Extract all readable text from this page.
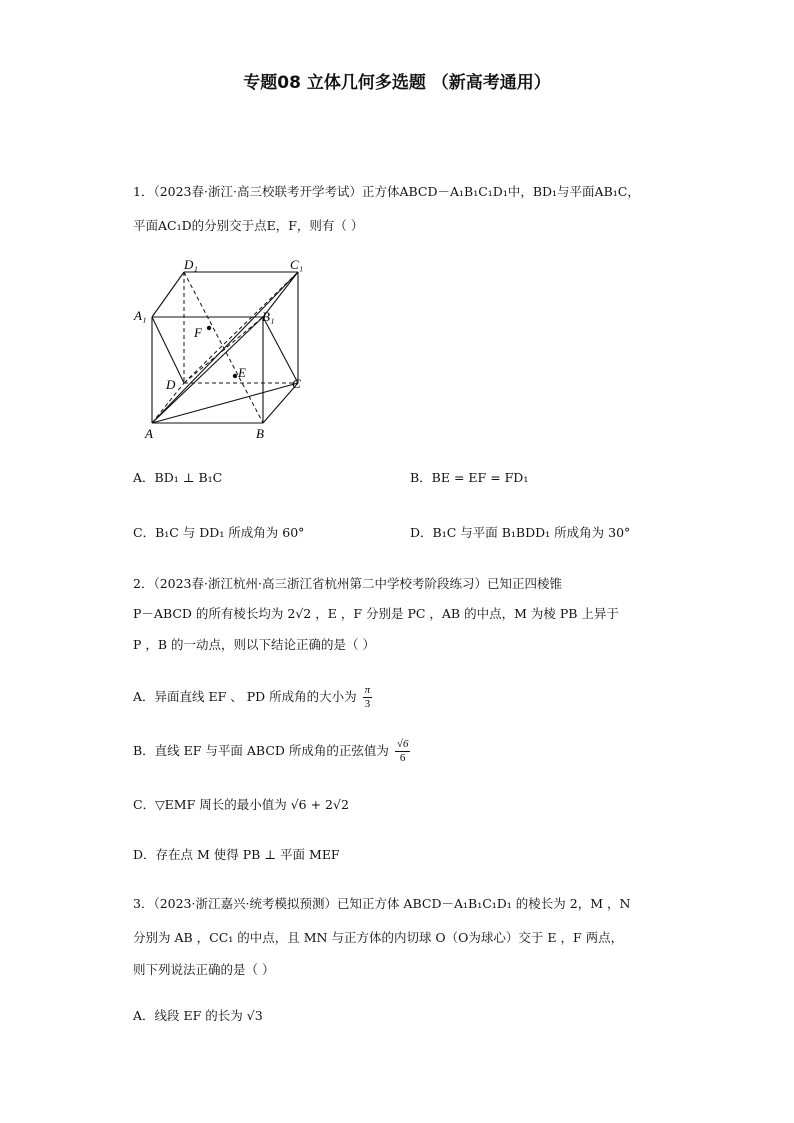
专题08 立体几何多选题 （新高考通用）
1．（2023春·浙江·高三校联考开学考试）正方体ABCD－A₁B₁C₁D₁中，BD₁与平面AB₁C，
平面AC₁D的分别交于点E，F，则有（ ）
D₁	C₁
A₁	B₁
F
E
D	C
A	B
A．BD₁ ⊥ B₁C	B．BE = EF = FD₁
C．B₁C 与 DD₁ 所成角为 60°	D．B₁C 与平面 B₁BDD₁ 所成角为 30°
2．（2023春·浙江杭州·高三浙江省杭州第二中学校考阶段练习）已知正四棱锥
P－ABCD 的所有棱长均为 2√2 ，E ，F 分别是 PC ，AB 的中点，M 为棱 PB 上异于
P ，B 的一动点，则以下结论正确的是（ ）
A．异面直线 EF 、 PD 所成角的大小为 $\frac{\pi}{3}$
B．直线 EF 与平面 ABCD 所成角的正弦值为 $\frac{√6}{6}$
C．▽EMF 周长的最小值为 √6 + 2√2
D．存在点 M 使得 PB ⊥ 平面 MEF
3．（2023·浙江嘉兴·统考模拟预测）已知正方体 ABCD－A₁B₁C₁D₁ 的棱长为 2，M ，N
分别为 AB ，CC₁ 的中点，且 MN 与正方体的内切球 O（O为球心）交于 E ，F 两点，
则下列说法正确的是（ ）
A．线段 EF 的长为 √3
